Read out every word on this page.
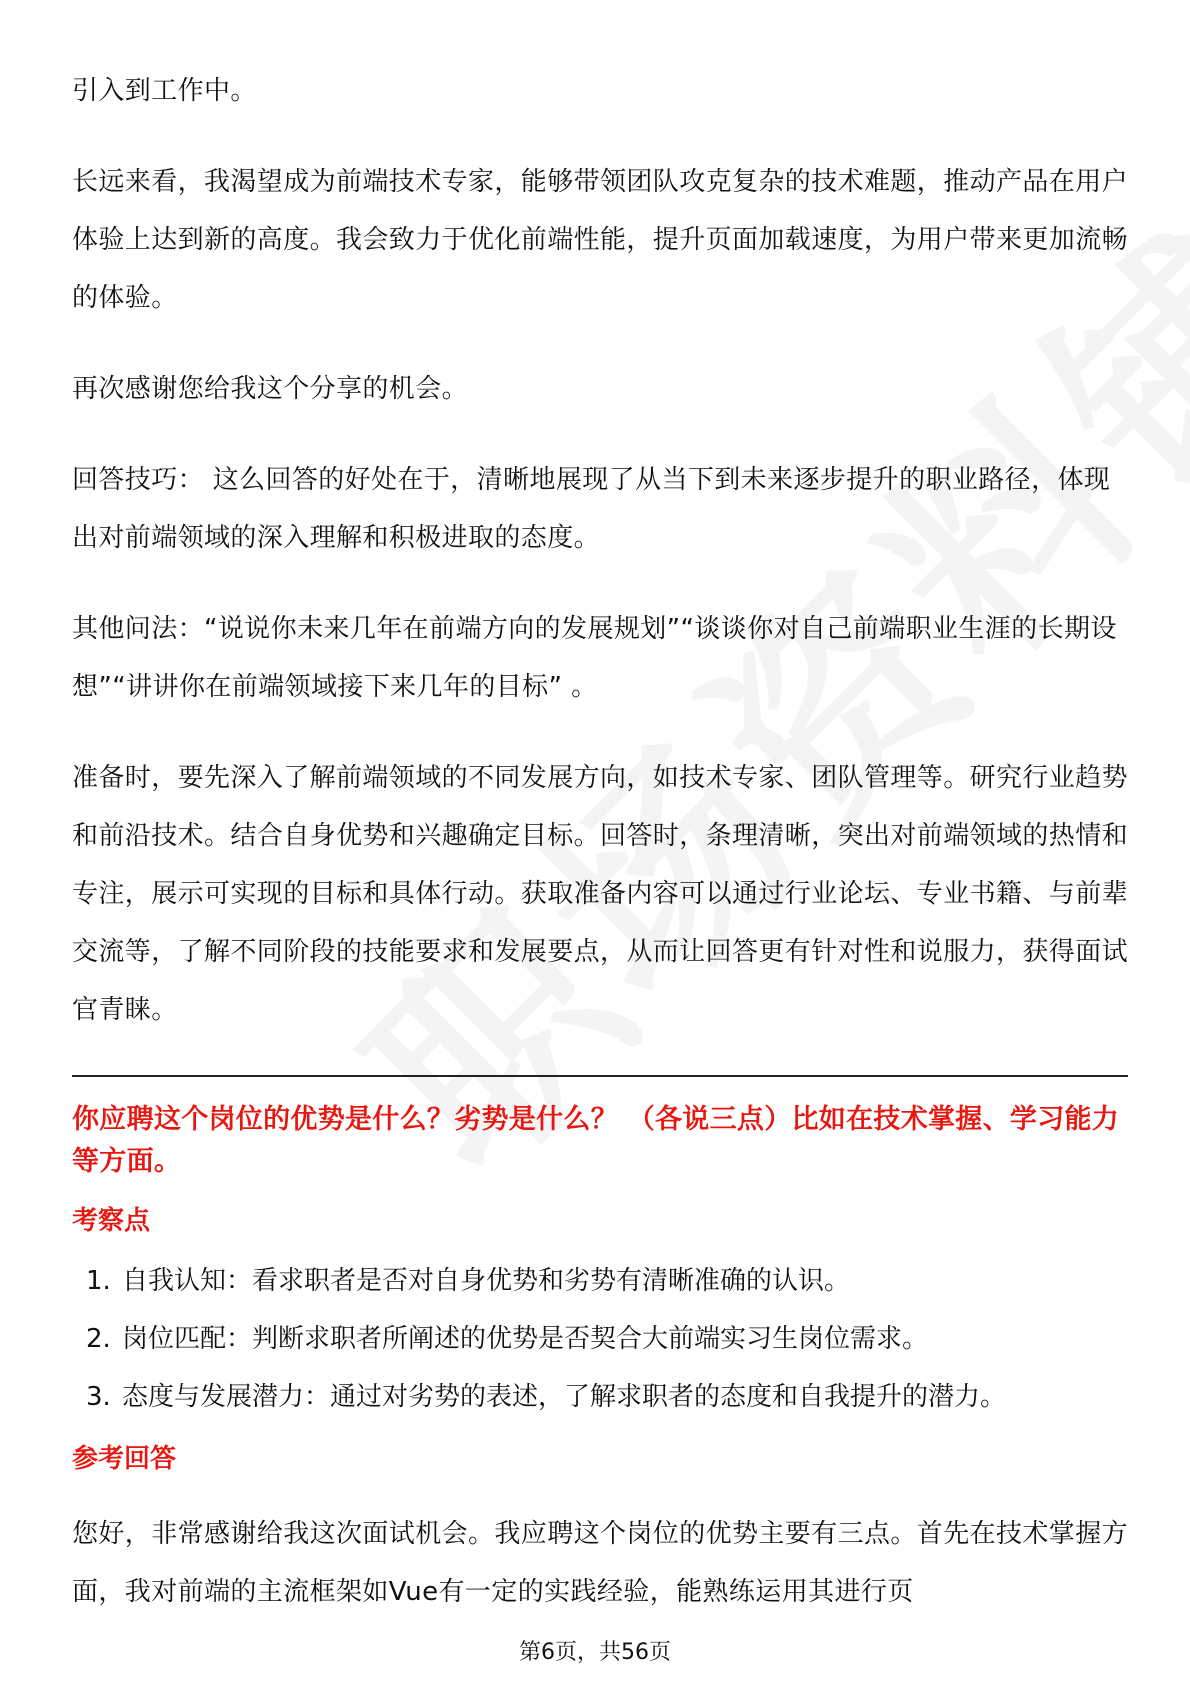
引入到工作中。

长远来看，我渴望成为前端技术专家，能够带领团队攻克复杂的技术难题，推动产品在用户体验上达到新的高度。我会致力于优化前端性能，提升页面加载速度，为用户带来更加流畅的体验。

再次感谢您给我这个分享的机会。

回答技巧： 这么回答的好处在于，清晰地展现了从当下到未来逐步提升的职业路径，体现出对前端领域的深入理解和积极进取的态度。

其他问法：“说说你未来几年在前端方向的发展规划”“谈谈你对自己前端职业生涯的长期设想”“讲讲你在前端领域接下来几年的目标” 。

准备时，要先深入了解前端领域的不同发展方向，如技术专家、团队管理等。研究行业趋势和前沿技术。结合自身优势和兴趣确定目标。回答时，条理清晰，突出对前端领域的热情和专注，展示可实现的目标和具体行动。获取准备内容可以通过行业论坛、专业书籍、与前辈交流等，了解不同阶段的技能要求和发展要点，从而让回答更有针对性和说服力，获得面试官青睐。

你应聘这个岗位的优势是什么？劣势是什么？ （各说三点）比如在技术掌握、学习能力等方面。
考察点
1. 自我认知：看求职者是否对自身优势和劣势有清晰准确的认识。
2. 岗位匹配：判断求职者所阐述的优势是否契合大前端实习生岗位需求。
3. 态度与发展潜力：通过对劣势的表述，了解求职者的态度和自我提升的潜力。
参考回答

您好，非常感谢给我这次面试机会。我应聘这个岗位的优势主要有三点。首先在技术掌握方面，我对前端的主流框架如Vue有一定的实践经验，能熟练运用其进行页

第6页，共56页
